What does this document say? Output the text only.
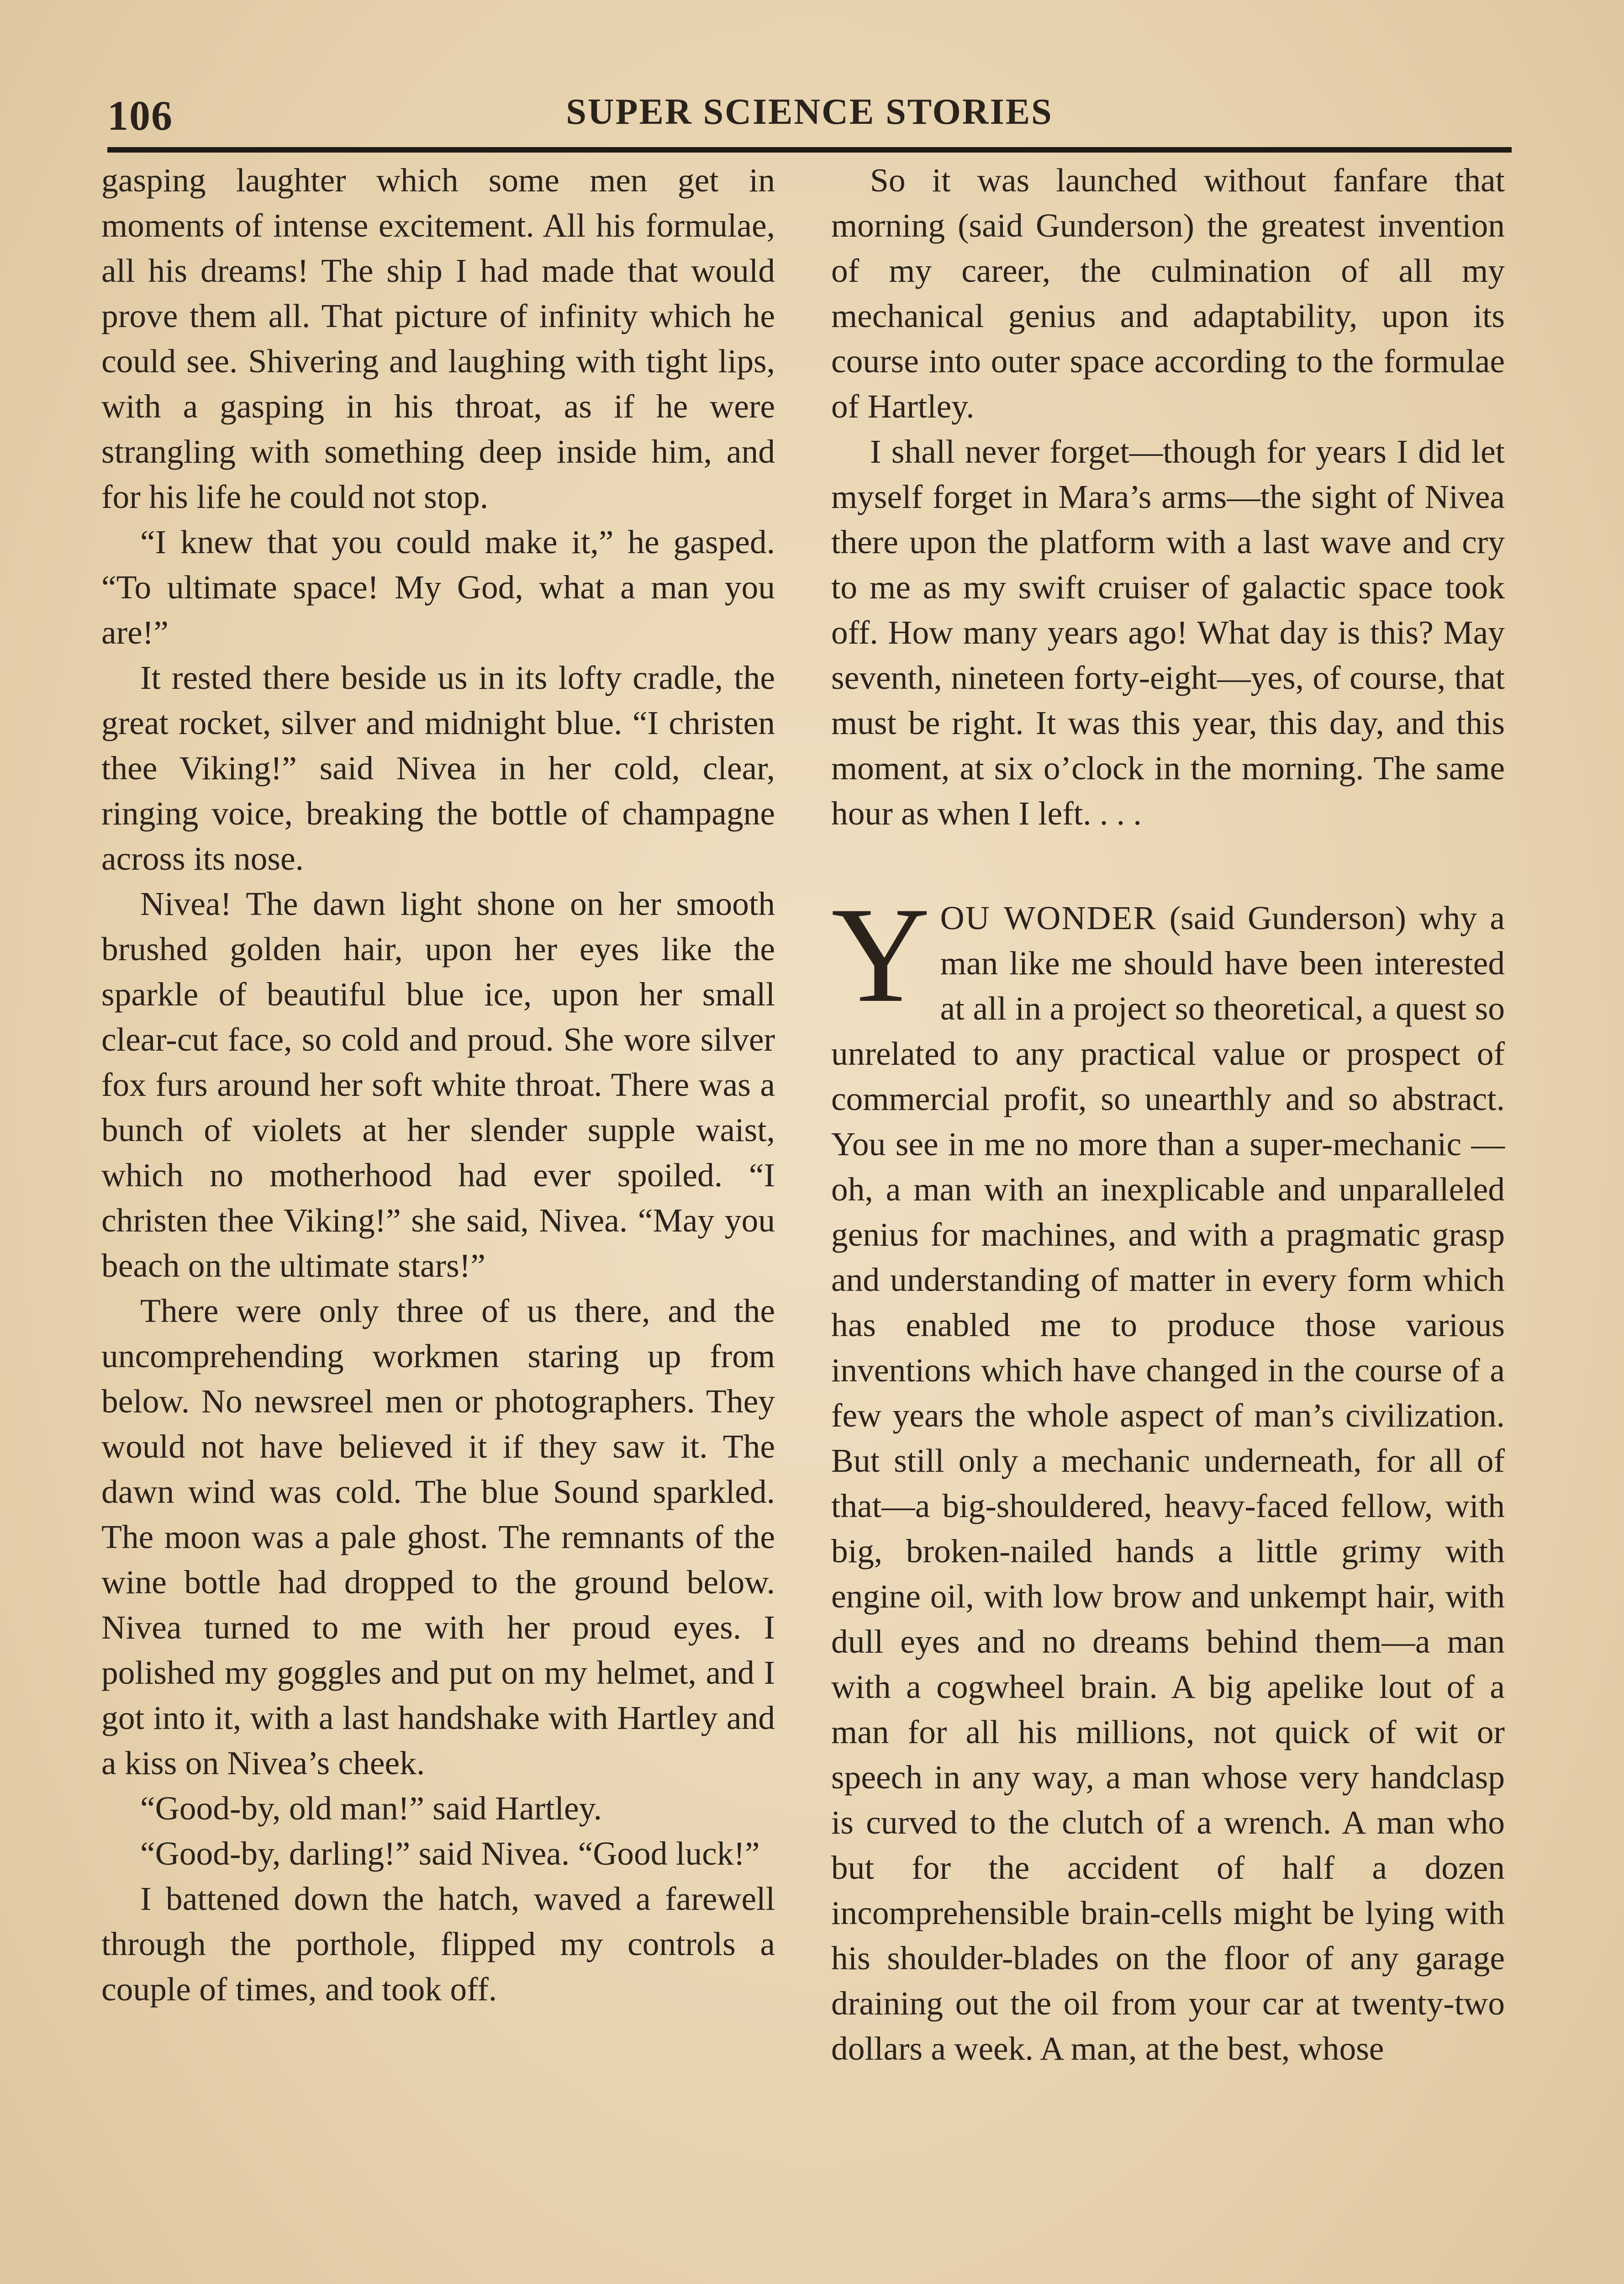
SUPER SCIENCE STORIES
106

gasping laughter which some men get in moments of intense excitement. All his formulae, all his dreams! The ship I had made that would prove them all. That picture of infinity which he could see. Shivering and laughing with tight lips, with a gasping in his throat, as if he were strangling with something deep inside him, and for his life he could not stop.

“I knew that you could make it,” he gasped. “To ultimate space! My God, what a man you are!”

It rested there beside us in its lofty cradle, the great rocket, silver and midnight blue. “I christen thee Viking!” said Nivea in her cold, clear, ringing voice, breaking the bottle of champagne across its nose.

Nivea! The dawn light shone on her smooth brushed golden hair, upon her eyes like the sparkle of beautiful blue ice, upon her small clear-cut face, so cold and proud. She wore silver fox furs around her soft white throat. There was a bunch of violets at her slender supple waist, which no motherhood had ever spoiled. “I christen thee Viking!” she said, Nivea. “May you beach on the ultimate stars!”

There were only three of us there, and the uncomprehending workmen staring up from below. No newsreel men or photographers. They would not have believed it if they saw it. The dawn wind was cold. The blue Sound sparkled. The moon was a pale ghost. The remnants of the wine bottle had dropped to the ground below. Nivea turned to me with her proud eyes. I polished my goggles and put on my helmet, and I got into it, with a last handshake with Hartley and a kiss on Nivea’s cheek.

“Good-by, old man!” said Hartley.

“Good-by, darling!” said Nivea. “Good luck!”

I battened down the hatch, waved a farewell through the porthole, flipped my controls a couple of times, and took off.

So it was launched without fanfare that morning (said Gunderson) the greatest invention of my career, the culmination of all my mechanical genius and adaptability, upon its course into outer space according to the formulae of Hartley.

I shall never forget—though for years I did let myself forget in Mara’s arms—the sight of Nivea there upon the platform with a last wave and cry to me as my swift cruiser of galactic space took off. How many years ago! What day is this? May seventh, nineteen forty-eight—yes, of course, that must be right. It was this year, this day, and this moment, at six o’clock in the morning. The same hour as when I left. . . .

YOU WONDER (said Gunderson) why a man like me should have been interested at all in a project so theoretical, a quest so unrelated to any practical value or prospect of commercial profit, so unearthly and so abstract. You see in me no more than a super-mechanic —oh, a man with an inexplicable and unparalleled genius for machines, and with a pragmatic grasp and understanding of matter in every form which has enabled me to produce those various inventions which have changed in the course of a few years the whole aspect of man’s civilization. But still only a mechanic underneath, for all of that—a big-shouldered, heavy-faced fellow, with big, broken-nailed hands a little grimy with engine oil, with low brow and unkempt hair, with dull eyes and no dreams behind them—a man with a cogwheel brain. A big apelike lout of a man for all his millions, not quick of wit or speech in any way, a man whose very handclasp is curved to the clutch of a wrench. A man who but for the accident of half a dozen incomprehensible brain-cells might be lying with his shoulder-blades on the floor of any garage draining out the oil from your car at twenty-two dollars a week. A man, at the best, whose
